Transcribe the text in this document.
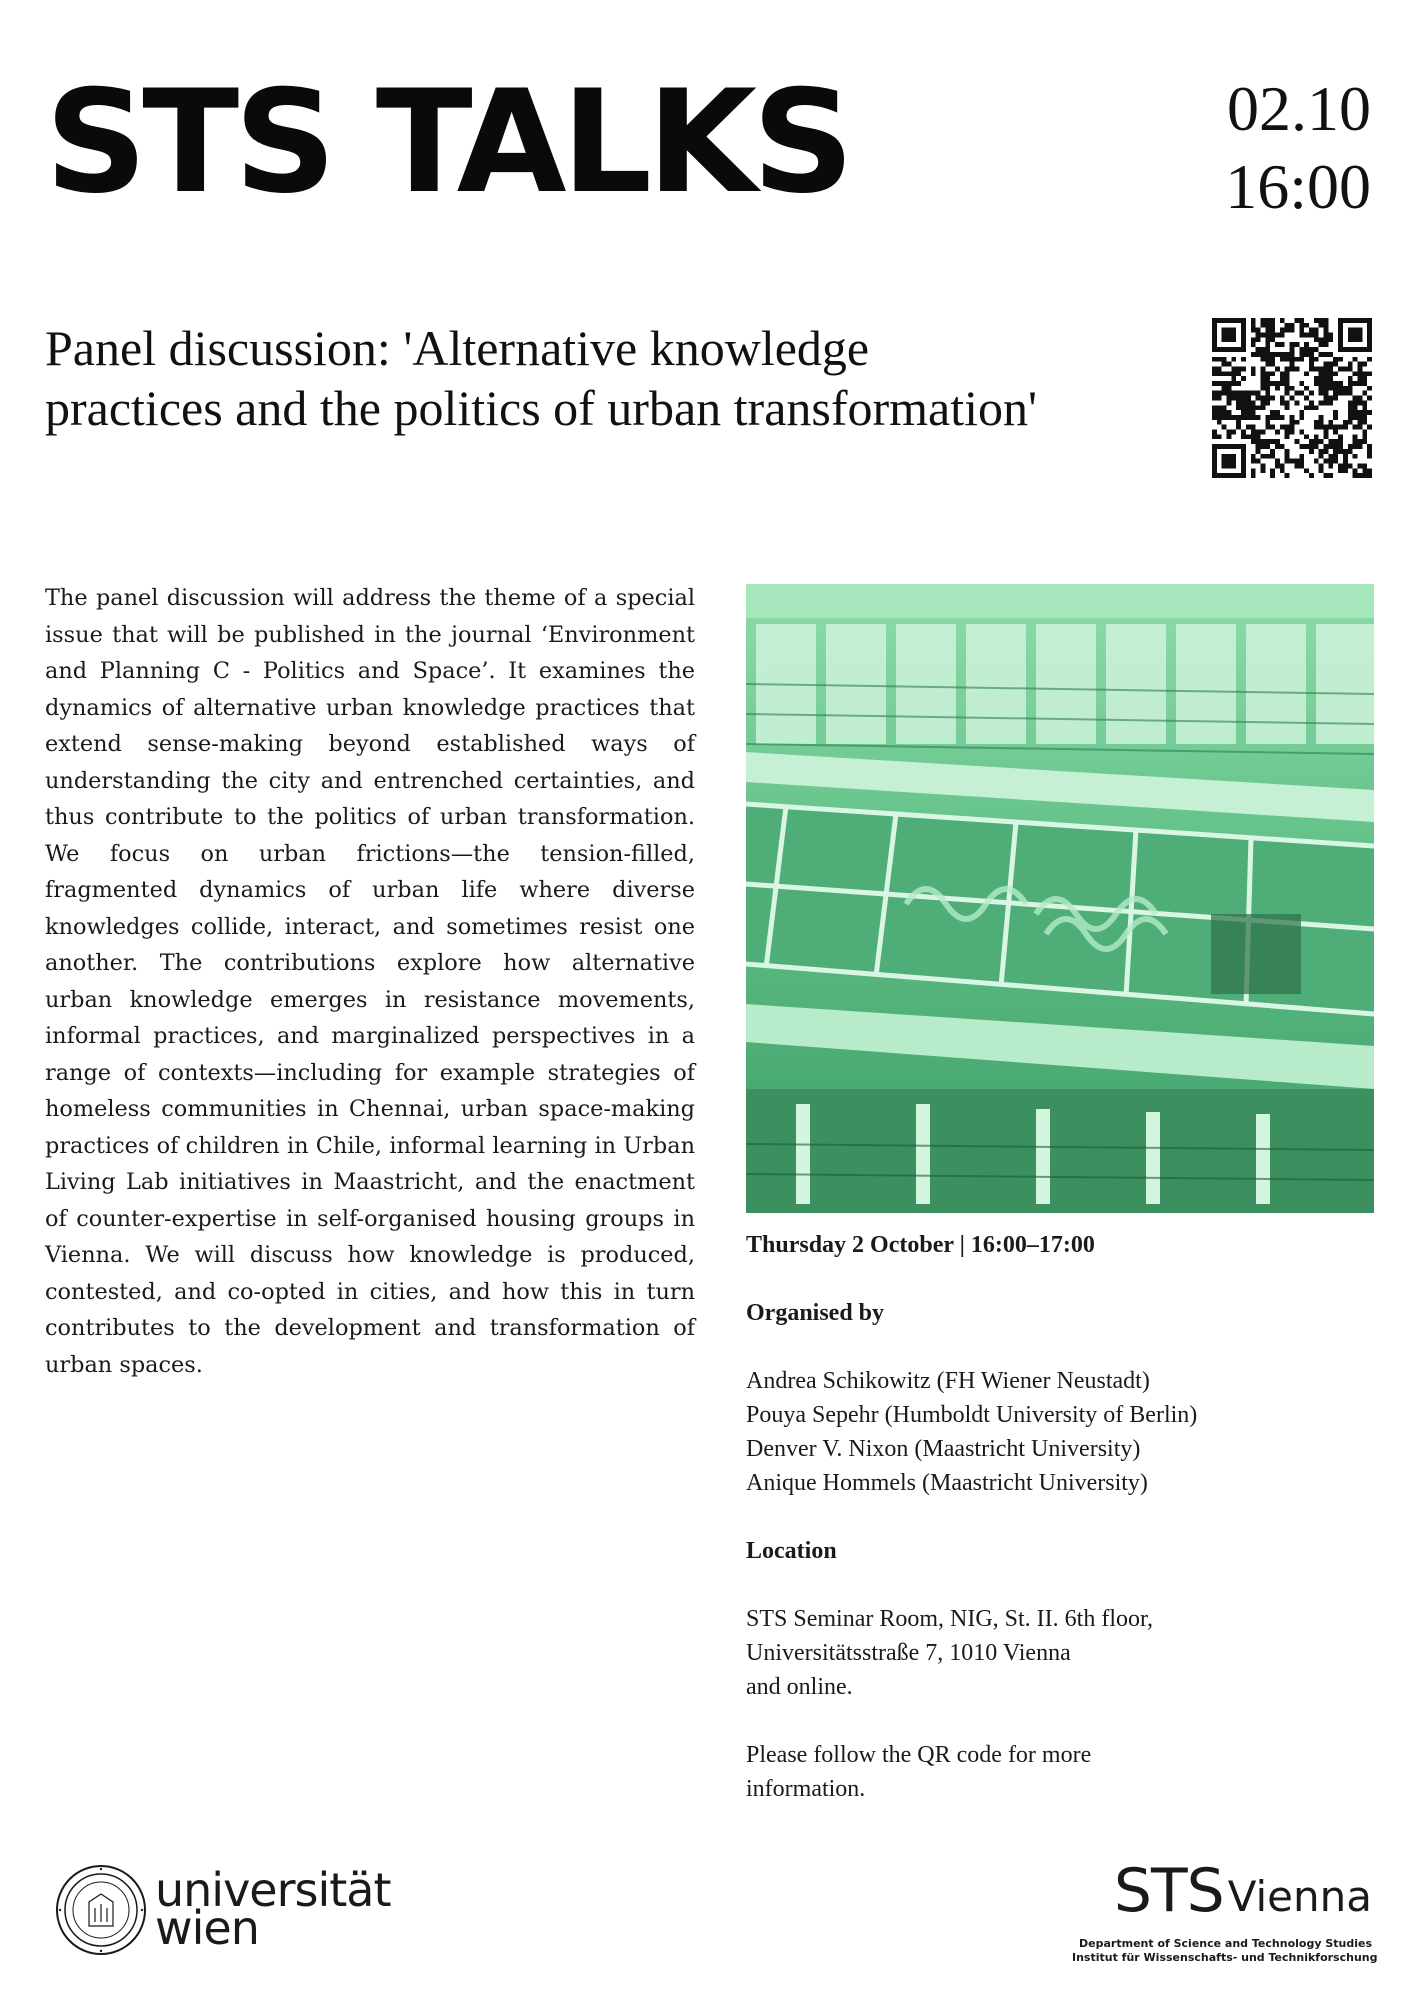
STS TALKS	02.10
16:00
Panel discussion: 'Alternative knowledge practices and the politics of urban transformation'
The panel discussion will address the theme of a special issue that will be published in the journal ‘Environment and Planning C - Politics and Space’. It examines the dynamics of alternative urban knowledge practices that extend sense-making beyond established ways of understanding the city and entrenched certainties, and thus contribute to the politics of urban transformation. We focus on urban frictions—the tension-filled, fragmented dynamics of urban life where diverse knowledges collide, interact, and sometimes resist one another. The contributions explore how alternative urban knowledge emerges in resistance movements, informal practices, and marginalized perspectives in a range of contexts—including for example strategies of homeless communities in Chennai, urban space-making practices of children in Chile, informal learning in Urban Living Lab initiatives in Maastricht, and the enactment of counter-expertise in self-organised housing groups in Vienna. We will discuss how knowledge is produced, contested, and co-opted in cities, and how this in turn contributes to the development and transformation of urban spaces.
Thursday 2 October | 16:00–17:00
Organised by
Andrea Schikowitz (FH Wiener Neustadt)
Pouya Sepehr (Humboldt University of Berlin)
Denver V. Nixon (Maastricht University)
Anique Hommels (Maastricht University)
Location
STS Seminar Room, NIG, St. II. 6th floor,
Universitätsstraße 7, 1010 Vienna
and online.
Please follow the QR code for more
information.
universität
wien
STSVienna
Department of Science and Technology Studies
Institut für Wissenschafts- und Technikforschung
